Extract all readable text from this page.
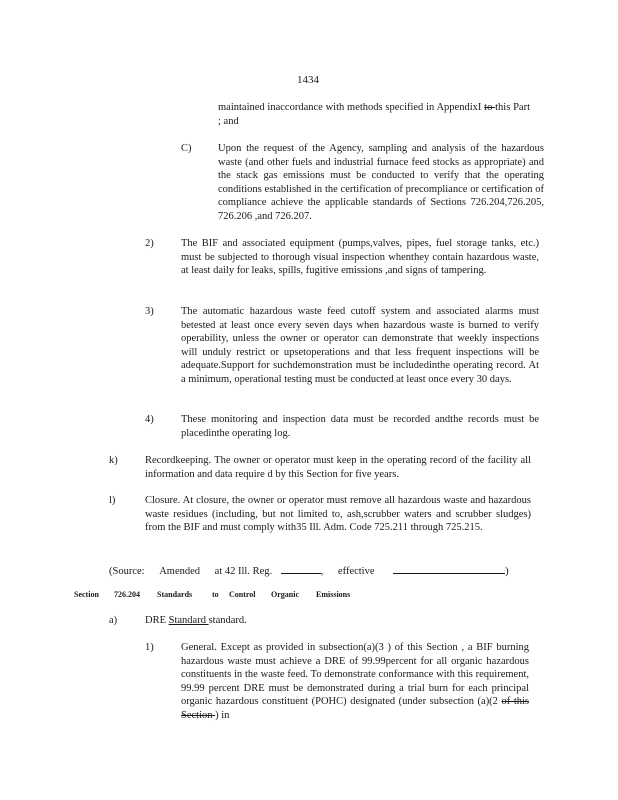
1434
maintained inaccordance with methods specified in AppendixI to this Part ; and
C)	Upon the request of the Agency, sampling and analysis of the hazardous waste (and other fuels and industrial furnace feed stocks as appropriate) and the stack gas emissions must be conducted to verify that the operating conditions established in the certification of precompliance or certification of compliance achieve the applicable standards of Sections 726.204,726.205, 726.206 ,and 726.207.
2)	The BIF and associated equipment (pumps,valves, pipes, fuel storage tanks, etc.) must be subjected to thorough visual inspection whenthey contain hazardous waste, at least daily for leaks, spills, fugitive emissions ,and signs of tampering.
3)	The automatic hazardous waste feed cutoff system and associated alarms must betested at least once every seven days when hazardous waste is burned to verify operability, unless the owner or operator can demonstrate that weekly inspections will unduly restrict or upsetoperations and that less frequent inspections will be adequate.Support for suchdemonstration must be includedinthe operating record. At a minimum, operational testing must be conducted at least once every 30 days.
4)	These monitoring and inspection data must be recorded andthe records must be placedinthe operating log.
k)	Recordkeeping. The owner or operator must keep in the operating record of the facility all information and data require d by this Section for five years.
l)	Closure. At closure, the owner or operator must remove all hazardous waste and hazardous waste residues (including, but not limited to, ash,scrubber waters and scrubber sludges) from the BIF and must comply with35 Ill. Adm. Code 725.211 through 725.215.
(Source: Amended at 42 Ill. Reg.	, effective	)
Section 726.204 Standards to Control Organic Emissions
a)	DRE Standard standard.
1)	General. Except as provided in subsection(a)(3 ) of this Section , a BIF burning hazardous waste must achieve a DRE of 99.99percent for all organic hazardous constituents in the waste feed. To demonstrate conformance with this requirement, 99.99 percent DRE must be demonstrated during a trial burn for each principal organic hazardous constituent (POHC) designated (under subsection (a)(2 of this Section ) in
